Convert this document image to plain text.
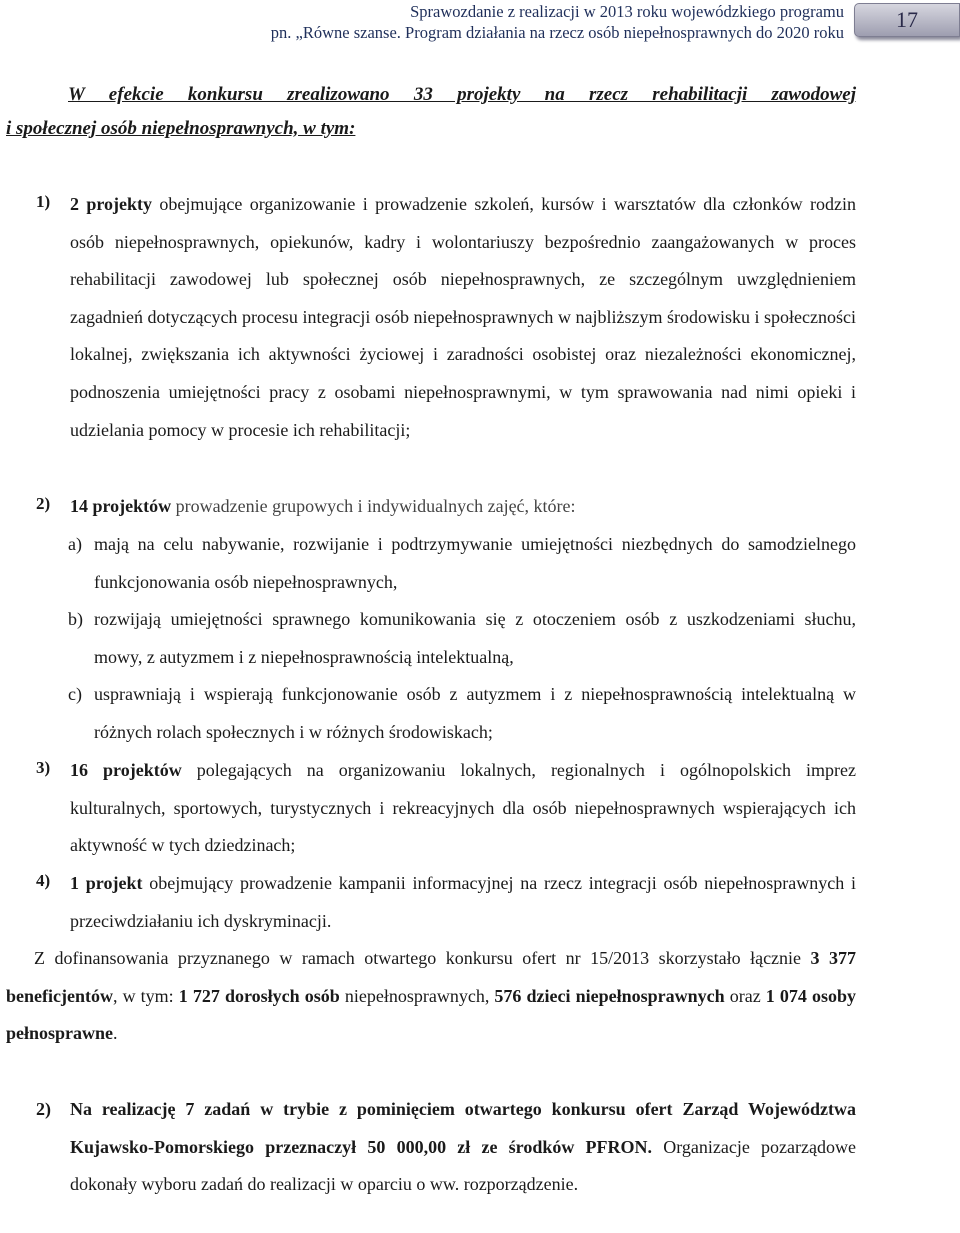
Sprawozdanie z realizacji w 2013 roku wojewódzkiego programu
pn. „Równe szanse. Program działania na rzecz osób niepełnosprawnych do 2020 roku
17
W efekcie konkursu zrealizowano 33 projekty na rzecz rehabilitacji zawodowej
i społecznej osób niepełnosprawnych, w tym:
1) 2 projekty obejmujące organizowanie i prowadzenie szkoleń, kursów i warsztatów dla członków rodzin osób niepełnosprawnych, opiekunów, kadry i wolontariuszy bezpośrednio zaangażowanych w proces rehabilitacji zawodowej lub społecznej osób niepełnosprawnych, ze szczególnym uwzględnieniem zagadnień dotyczących procesu integracji osób niepełnosprawnych w najbliższym środowisku i społeczności lokalnej, zwiększania ich aktywności życiowej i zaradności osobistej oraz niezależności ekonomicznej, podnoszenia umiejętności pracy z osobami niepełnosprawnymi, w tym sprawowania nad nimi opieki i udzielania pomocy w procesie ich rehabilitacji;
2) 14 projektów prowadzenie grupowych i indywidualnych zajęć, które:
a) mają na celu nabywanie, rozwijanie i podtrzymywanie umiejętności niezbędnych do samodzielnego funkcjonowania osób niepełnosprawnych,
b) rozwijają umiejętności sprawnego komunikowania się z otoczeniem osób z uszkodzeniami słuchu, mowy, z autyzmem i z niepełnosprawnością intelektualną,
c) usprawniają i wspierają funkcjonowanie osób z autyzmem i z niepełnosprawnością intelektualną w różnych rolach społecznych i w różnych środowiskach;
3) 16 projektów polegających na organizowaniu lokalnych, regionalnych i ogólnopolskich imprez kulturalnych, sportowych, turystycznych i rekreacyjnych dla osób niepełnosprawnych wspierających ich aktywność w tych dziedzinach;
4) 1 projekt obejmujący prowadzenie kampanii informacyjnej na rzecz integracji osób niepełnosprawnych i przeciwdziałaniu ich dyskryminacji.
Z dofinansowania przyznanego w ramach otwartego konkursu ofert nr 15/2013 skorzystało łącznie 3 377 beneficjentów, w tym: 1 727 dorosłych osób niepełnosprawnych, 576 dzieci niepełnosprawnych oraz 1 074 osoby pełnosprawne.
2)	Na realizację 7 zadań w trybie z pominięciem otwartego konkursu ofert Zarząd Województwa Kujawsko-Pomorskiego przeznaczył 50 000,00 zł ze środków PFRON. Organizacje pozarządowe dokonały wyboru zadań do realizacji w oparciu o ww. rozporządzenie.
